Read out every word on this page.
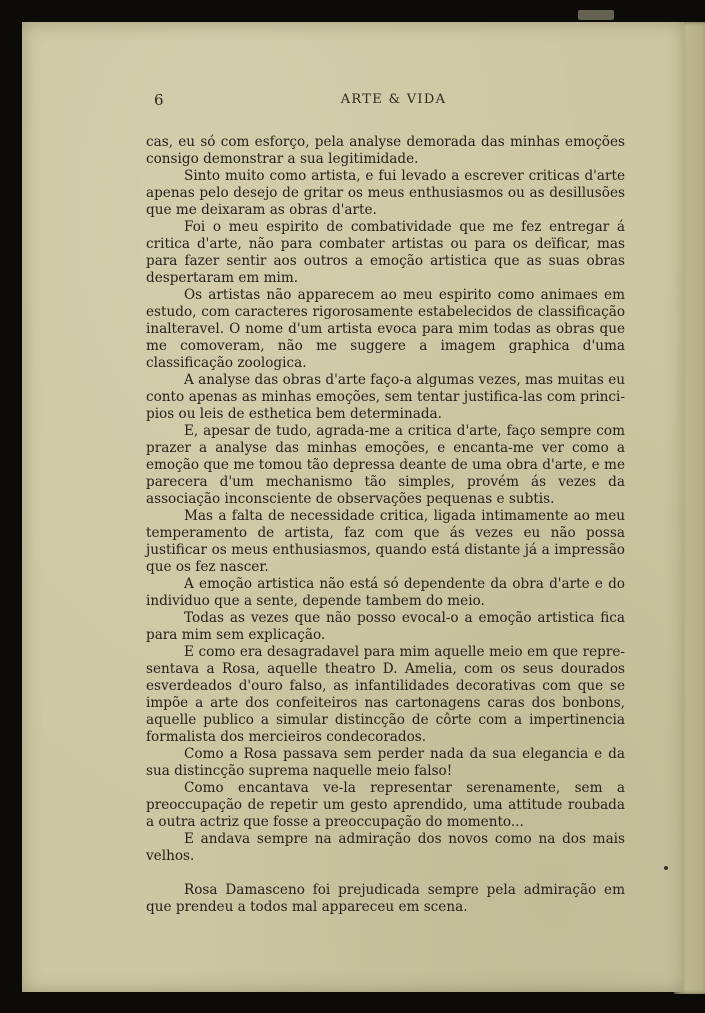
6	ARTE & VIDA

cas, eu só com esforço, pela analyse demorada das minhas emoções consigo demonstrar a sua legitimidade.

Sinto muito como artista, e fui levado a escrever criticas d'arte apenas pelo desejo de gritar os meus enthusiasmos ou as desillusões que me deixaram as obras d'arte.

Foi o meu espirito de combatividade que me fez entregar á critica d'arte, não para combater artistas ou para os deïficar, mas para fazer sentir aos outros a emoção artistica que as suas obras despertaram em mim.

Os artistas não apparecem ao meu espirito como animaes em estudo, com caracteres rigorosamente estabelecidos de classificação inalteravel. O nome d'um artista evoca para mim todas as obras que me comoveram, não me suggere a imagem graphica d'uma classificação zoologica.

A analyse das obras d'arte faço-a algumas vezes, mas muitas eu conto apenas as minhas emoções, sem tentar justifica-las com principios ou leis de esthetica bem determinada.

E, apesar de tudo, agrada-me a critica d'arte, faço sempre com prazer a analyse das minhas emoções, e encanta-me ver como a emoção que me tomou tão depressa deante de uma obra d'arte, e me parecera d'um mechanismo tão simples, provém ás vezes da associação inconsciente de observações pequenas e subtis.

Mas a falta de necessidade critica, ligada intimamente ao meu temperamento de artista, faz com que ás vezes eu não possa justificar os meus enthusiasmos, quando está distante já a impressão que os fez nascer.

A emoção artistica não está só dependente da obra d'arte e do individuo que a sente, depende tambem do meio.

Todas as vezes que não posso evocal-o a emoção artistica fica para mim sem explicação.

E como era desagradavel para mim aquelle meio em que representava a Rosa, aquelle theatro D. Amelia, com os seus dourados esverdeados d'ouro falso, as infantilidades decorativas com que se impõe a arte dos confeiteiros nas cartonagens caras dos bonbons, aquelle publico a simular distincção de côrte com a impertinencia formalista dos mercieiros condecorados.

Como a Rosa passava sem perder nada da sua elegancia e da sua distincção suprema naquelle meio falso!

Como encantava ve-la representar serenamente, sem a preoccupação de repetir um gesto aprendido, uma attitude roubada a outra actriz que fosse a preoccupação do momento...

E andava sempre na admiração dos novos como na dos mais velhos.

Rosa Damasceno foi prejudicada sempre pela admiração em que prendeu a todos mal appareceu em scena.
